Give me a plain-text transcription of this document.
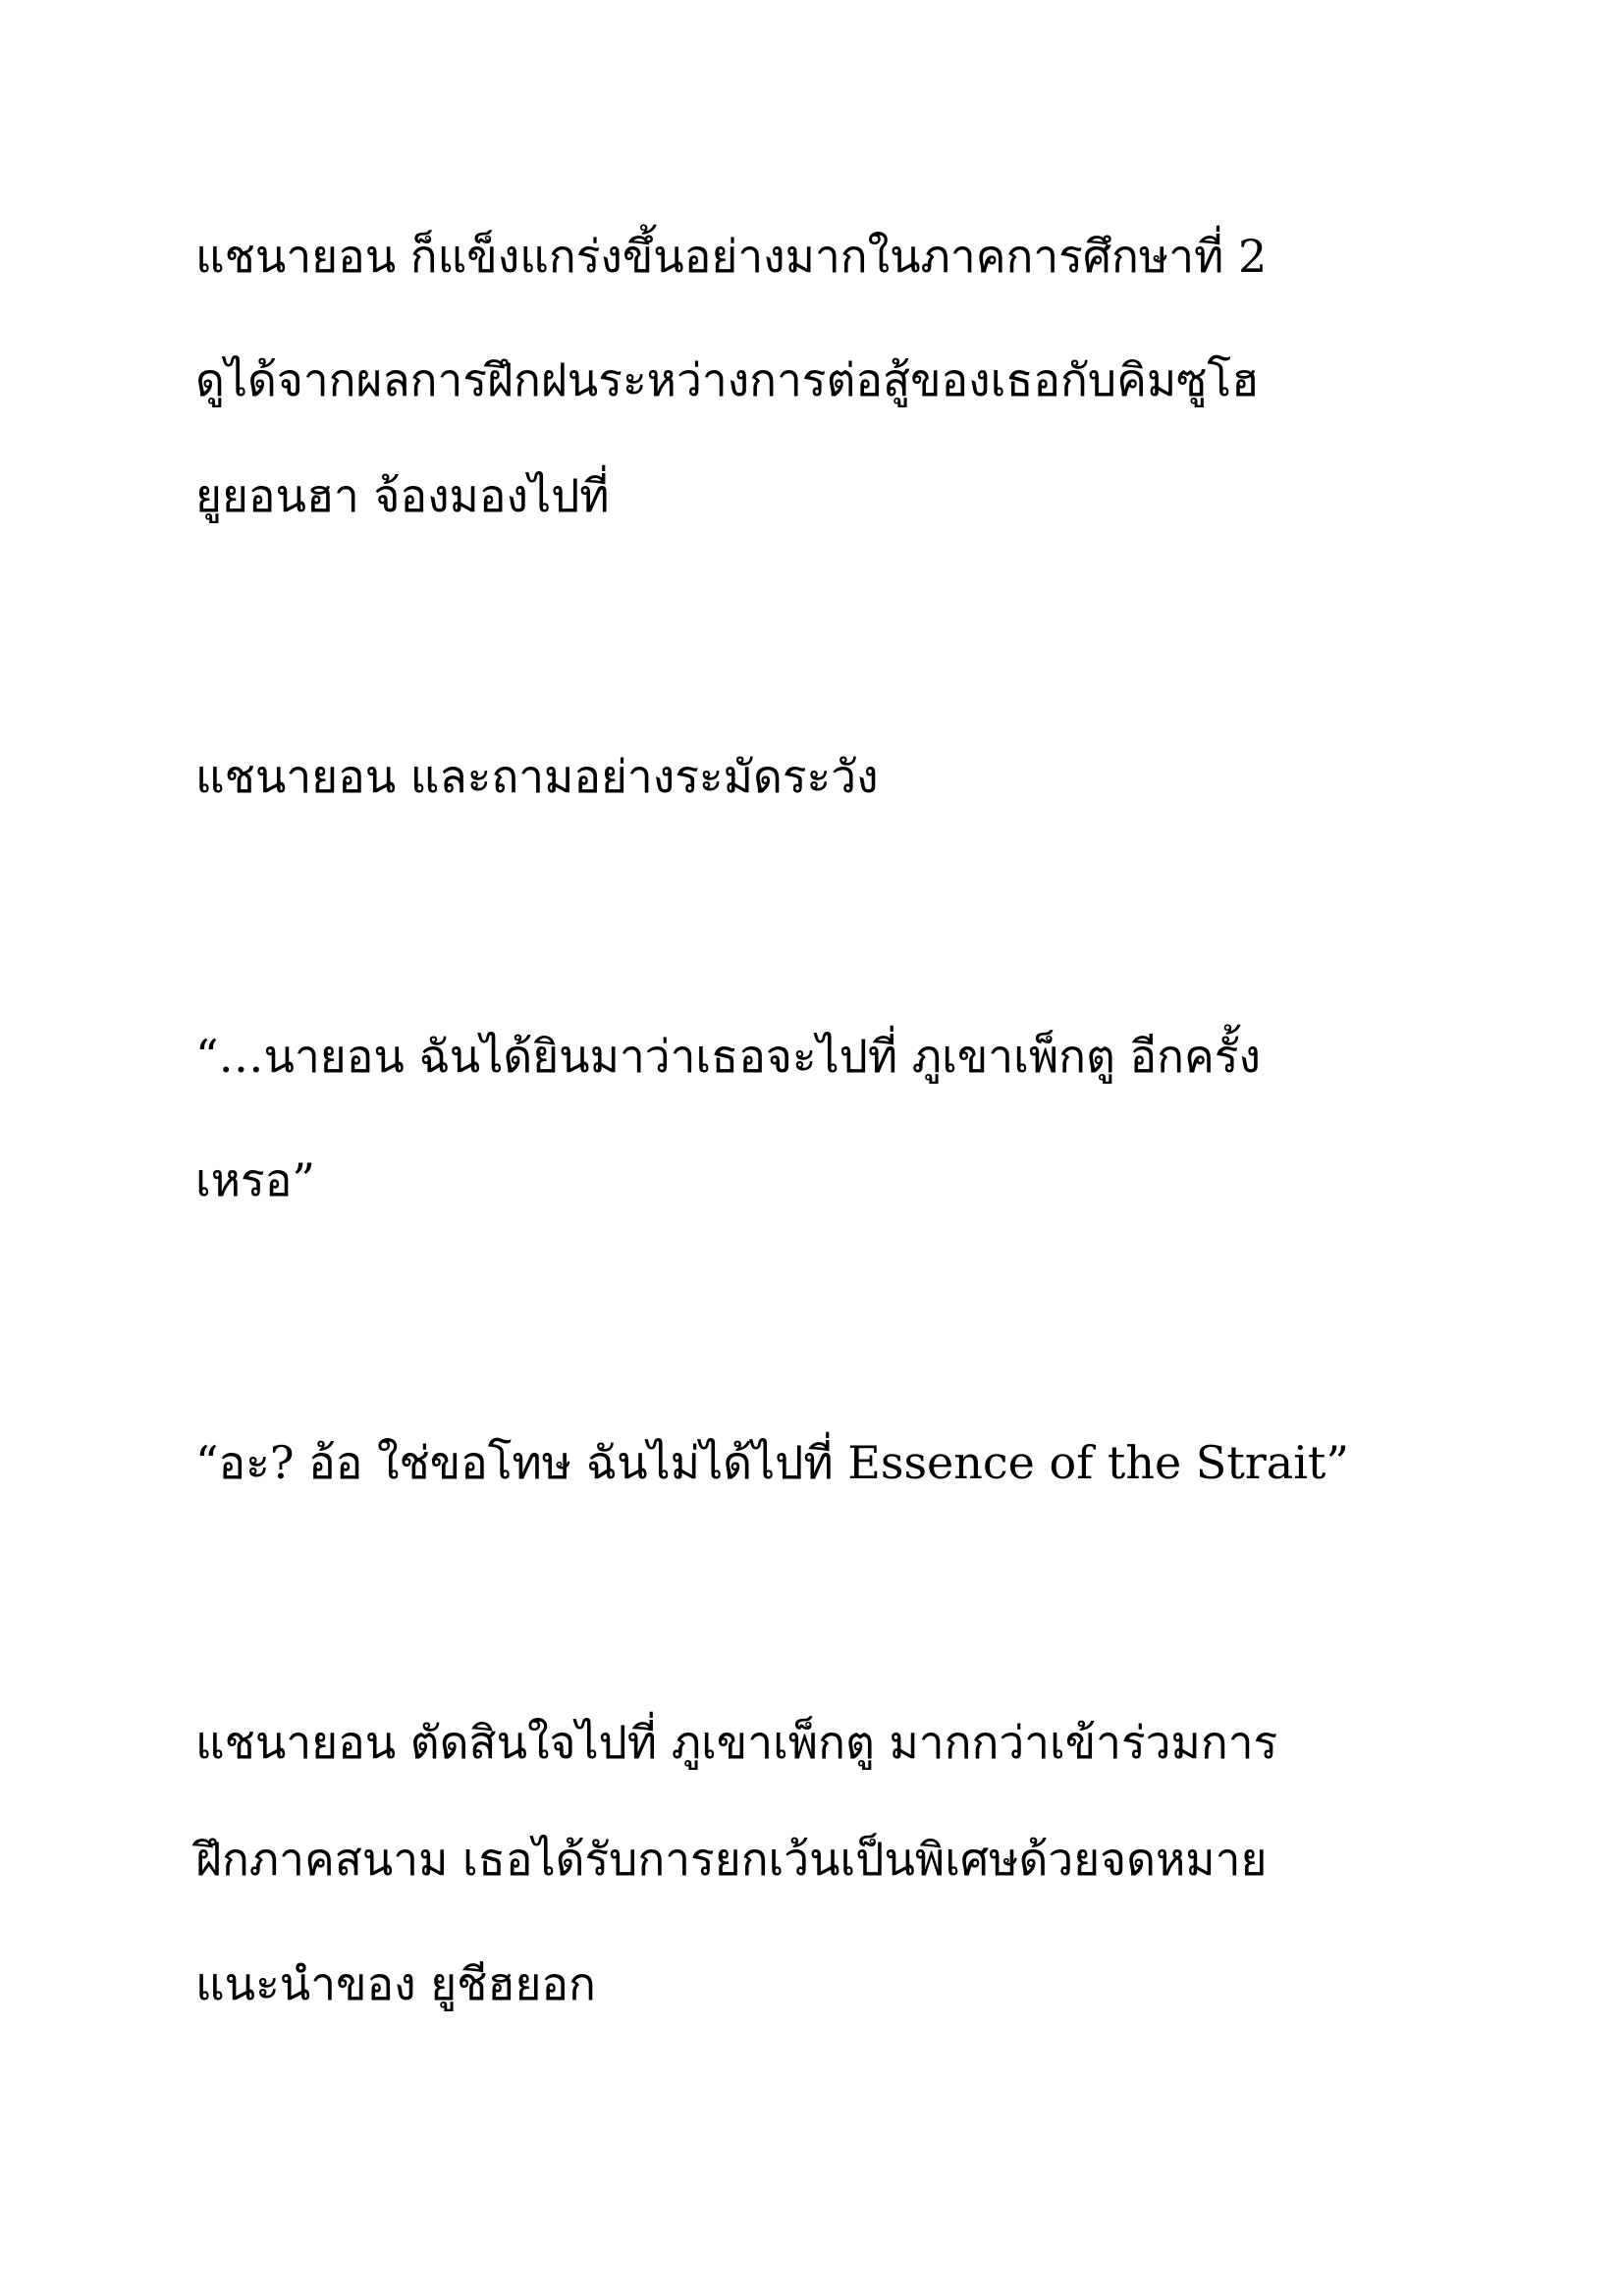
แชนายอน ก็แข็งแกร่งขึ้นอย่างมากในภาคการศึกษาที่ 2
ดูได้จากผลการฝึกฝนระหว่างการต่อสู้ของเธอกับคิมซูโฮ
ยูยอนฮา จ้องมองไปที่
แชนายอน และถามอย่างระมัดระวัง
“…นายอน ฉันได้ยินมาว่าเธอจะไปที่ ภูเขาเพ็กตู อีกครั้ง
เหรอ”
“อะ? อ้อ ใช่ขอโทษ ฉันไม่ได้ไปที่ Essence of the Strait”
แชนายอน ตัดสินใจไปที่ ภูเขาเพ็กตู มากกว่าเข้าร่วมการ
ฝึกภาคสนาม เธอได้รับการยกเว้นเป็นพิเศษด้วยจดหมาย
แนะนำของ ยูชีฮยอก
